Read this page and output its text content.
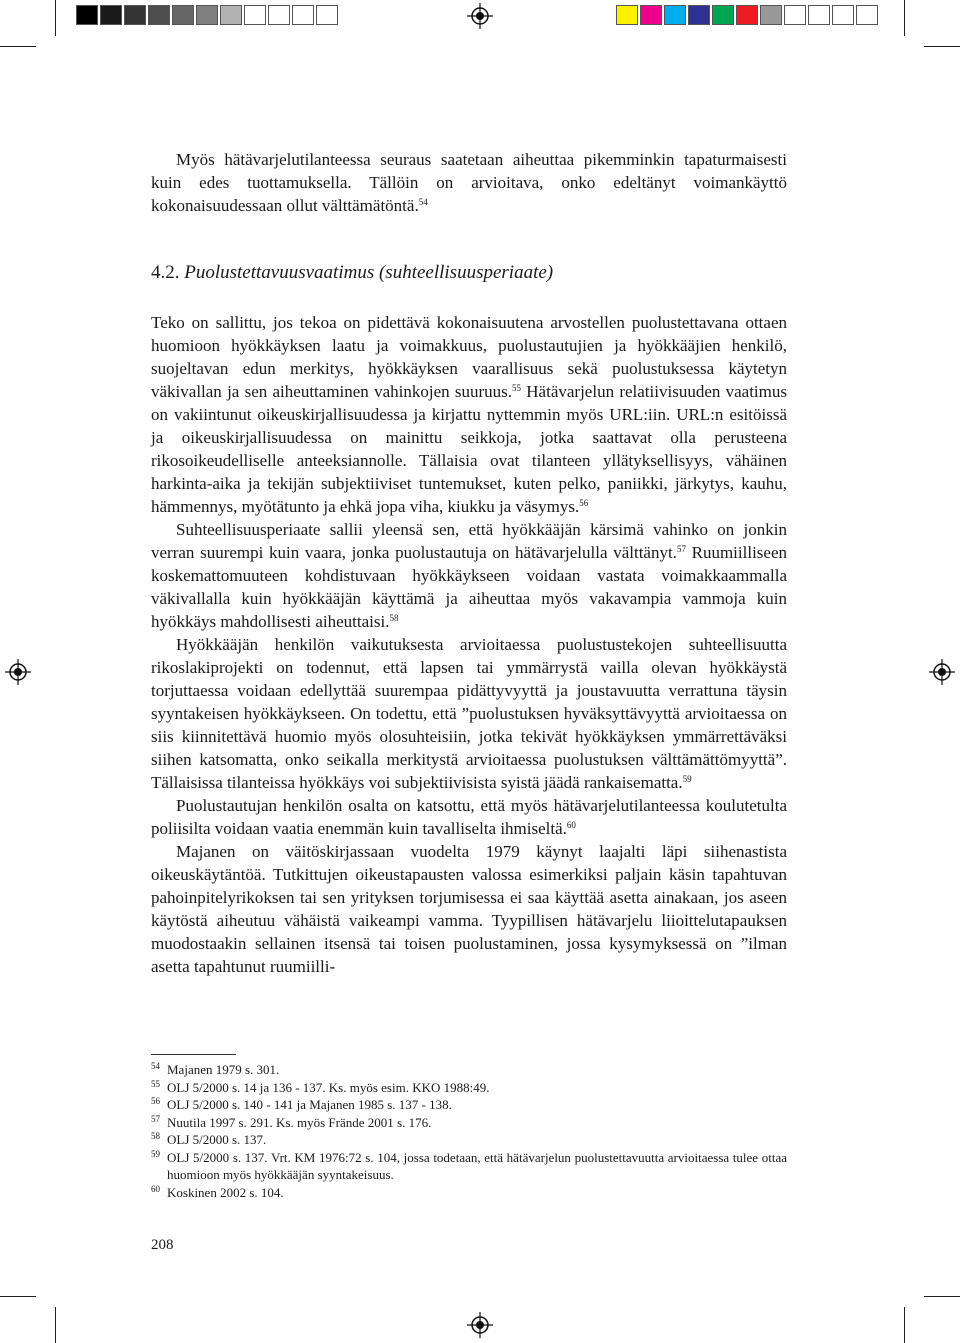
Myös hätävarjelutilanteessa seuraus saatetaan aiheuttaa pikemminkin tapaturmaisesti kuin edes tuottamuksella. Tällöin on arvioitava, onko edeltänyt voimankäyttö kokonaisuudessaan ollut välttämätöntä.$^{54}$

4.2. Puolustettavuusvaatimus (suhteellisuusperiaate)

Teko on sallittu, jos tekoa on pidettävä kokonaisuutena arvostellen puolustettavana ottaen huomioon hyökkäyksen laatu ja voimakkuus, puolustautujien ja hyökkääjien henkilö, suojeltavan edun merkitys, hyökkäyksen vaarallisuus sekä puolustuksessa käytetyn väkivallan ja sen aiheuttaminen vahinkojen suuruus.$^{55}$ Hätävarjelun relatiivisuuden vaatimus on vakiintunut oikeuskirjallisuudessa ja kirjattu nyttemmin myös URL:iin. URL:n esitöissä ja oikeuskirjallisuudessa on mainittu seikkoja, jotka saattavat olla perusteena rikosoikeudelliselle anteeksiannolle. Tällaisia ovat tilanteen yllätyksellisyys, vähäinen harkinta-aika ja tekijän subjektiiviset tuntemukset, kuten pelko, paniikki, järkytys, kauhu, hämmennys, myötätunto ja ehkä jopa viha, kiukku ja väsymys.$^{56}$

Suhteellisuusperiaate sallii yleensä sen, että hyökkääjän kärsimä vahinko on jonkin verran suurempi kuin vaara, jonka puolustautuja on hätävarjelulla välttänyt.$^{57}$ Ruumiilliseen koskemattomuuteen kohdistuvaan hyökkäykseen voidaan vastata voimakkaammalla väkivallalla kuin hyökkääjän käyttämä ja aiheuttaa myös vakavampia vammoja kuin hyökkäys mahdollisesti aiheuttaisi.$^{58}$

Hyökkääjän henkilön vaikutuksesta arvioitaessa puolustustekojen suhteellisuutta rikoslakiprojekti on todennut, että lapsen tai ymmärrystä vailla olevan hyökkäystä torjuttaessa voidaan edellyttää suurempaa pidättyvyyttä ja joustavuutta verrattuna täysin syyntakeisen hyökkäykseen. On todettu, että ”puolustuksen hyväksyttävyyttä arvioitaessa on siis kiinnitettävä huomio myös olosuhteisiin, jotka tekivät hyökkäyksen ymmärrettäväksi siihen katsomatta, onko seikalla merkitystä arvioitaessa puolustuksen välttämättömyyttä”. Tällaisissa tilanteissa hyökkäys voi subjektiivisista syistä jäädä rankaisematta.$^{59}$

Puolustautujan henkilön osalta on katsottu, että myös hätävarjelutilanteessa koulutetulta poliisilta voidaan vaatia enemmän kuin tavalliselta ihmiseltä.$^{60}$

Majanen on väitöskirjassaan vuodelta 1979 käynyt laajalti läpi siihenastista oikeuskäytäntöä. Tutkittujen oikeustapausten valossa esimerkiksi paljain käsin tapahtuvan pahoinpitelyrikoksen tai sen yrityksen torjumisessa ei saa käyttää asetta ainakaan, jos aseen käytöstä aiheutuu vähäistä vaikeampi vamma. Tyypillisen hätävarjelu liioittelutapauksen muodostaakin sellainen itsensä tai toisen puolustaminen, jossa kysymyksessä on ”ilman asetta tapahtunut ruumiilli-

54 Majanen 1979 s. 301.
55 OLJ 5/2000 s. 14 ja 136 - 137. Ks. myös esim. KKO 1988:49.
56 OLJ 5/2000 s. 140 - 141 ja Majanen 1985 s. 137 - 138.
57 Nuutila 1997 s. 291. Ks. myös Frände 2001 s. 176.
58 OLJ 5/2000 s. 137.
59 OLJ 5/2000 s. 137. Vrt. KM 1976:72 s. 104, jossa todetaan, että hätävarjelun puolustettavuutta arvioitaessa tulee ottaa huomioon myös hyökkääjän syyntakeisuus.
60 Koskinen 2002 s. 104.
208
